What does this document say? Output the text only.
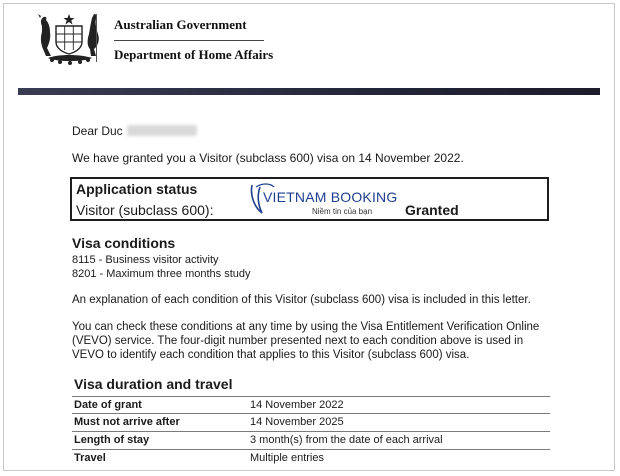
Australian Government
Department of Home Affairs
Dear Duc
We have granted you a Visitor (subclass 600) visa on 14 November 2022.
Application status
Visitor (subclass 600):
VIETNAM BOOKING
Niềm tin của bạn Granted
Visa conditions
8115 - Business visitor activity
8201 - Maximum three months study
An explanation of each condition of this Visitor (subclass 600) visa is included in this letter.
You can check these conditions at any time by using the Visa Entitlement Verification Online
(VEVO) service. The four-digit number presented next to each condition above is used in
VEVO to identify each condition that applies to this Visitor (subclass 600) visa.
Visa duration and travel
Date of grant	14 November 2022
Must not arrive after	14 November 2025
Length of stay	3 month(s) from the date of each arrival
Travel	Multiple entries
